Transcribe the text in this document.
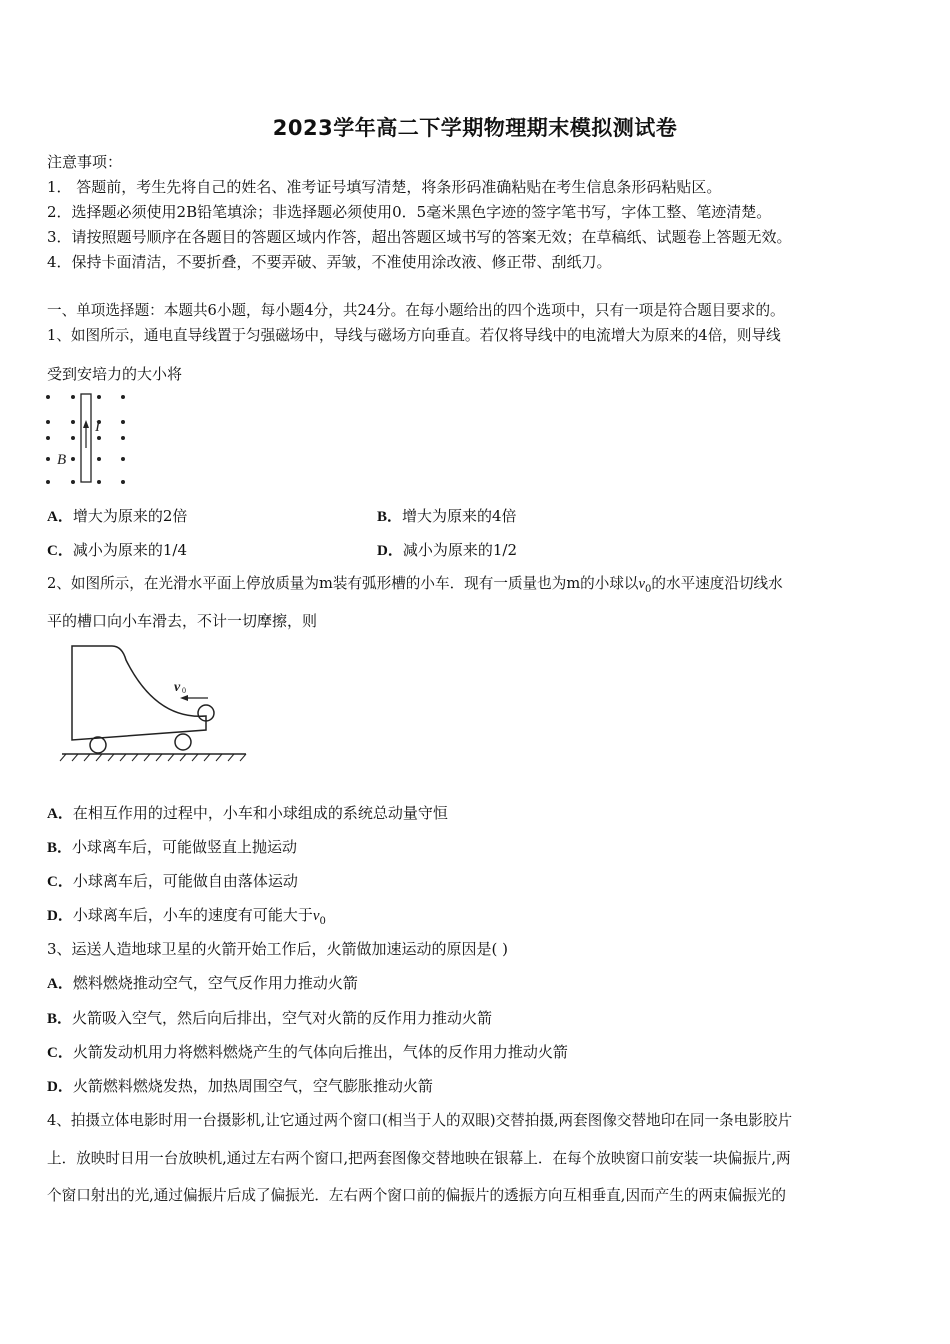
2023学年高二下学期物理期末模拟测试卷
注意事项：
1． 答题前，考生先将自己的姓名、准考证号填写清楚，将条形码准确粘贴在考生信息条形码粘贴区。
2．选择题必须使用2B铅笔填涂；非选择题必须使用0．5毫米黑色字迹的签字笔书写，字体工整、笔迹清楚。
3．请按照题号顺序在各题目的答题区域内作答，超出答题区域书写的答案无效；在草稿纸、试题卷上答题无效。
4．保持卡面清洁，不要折叠，不要弄破、弄皱，不准使用涂改液、修正带、刮纸刀。
一、单项选择题：本题共6小题，每小题4分，共24分。在每小题给出的四个选项中，只有一项是符合题目要求的。
1、如图所示，通电直导线置于匀强磁场中，导线与磁场方向垂直。若仅将导线中的电流增大为原来的4倍，则导线
受到安培力的大小将
I
B
A．增大为原来的2倍	B．增大为原来的4倍
C．减小为原来的1/4	D．减小为原来的1/2
2、如图所示，在光滑水平面上停放质量为m装有弧形槽的小车．现有一质量也为m的小球以$v_0$的水平速度沿切线水
平的槽口向小车滑去，不计一切摩擦，则
v 0
A．在相互作用的过程中，小车和小球组成的系统总动量守恒
B．小球离车后，可能做竖直上抛运动
C．小球离车后，可能做自由落体运动
D．小球离车后，小车的速度有可能大于$v_0$
3、运送人造地球卫星的火箭开始工作后，火箭做加速运动的原因是( )
A．燃料燃烧推动空气，空气反作用力推动火箭
B．火箭吸入空气，然后向后排出，空气对火箭的反作用力推动火箭
C．火箭发动机用力将燃料燃烧产生的气体向后推出，气体的反作用力推动火箭
D．火箭燃料燃烧发热，加热周围空气，空气膨胀推动火箭
4、拍摄立体电影时用一台摄影机,让它通过两个窗口(相当于人的双眼)交替拍摄,两套图像交替地印在同一条电影胶片
上．放映时日用一台放映机,通过左右两个窗口,把两套图像交替地映在银幕上．在每个放映窗口前安装一块偏振片,两
个窗口射出的光,通过偏振片后成了偏振光．左右两个窗口前的偏振片的透振方向互相垂直,因而产生的两束偏振光的
